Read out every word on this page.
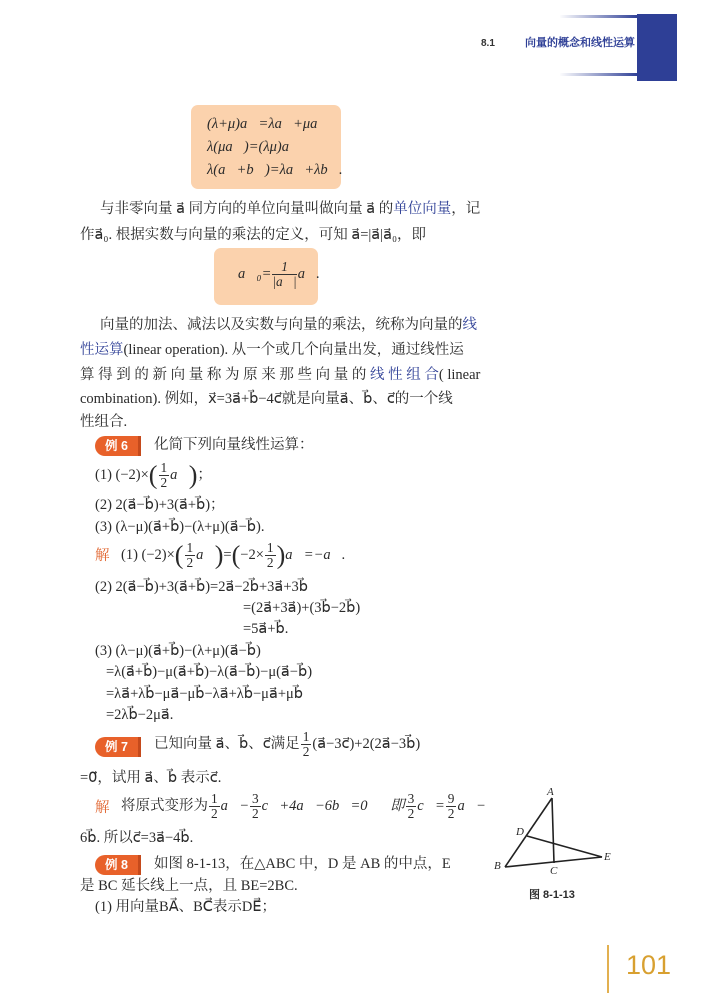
8.1	向量的概念和线性运算
(λ+μ)a⃗=λa⃗+μa⃗；
λ(μa⃗)=(λμ)a⃗；
λ(a⃗+b⃗)=λa⃗+λb⃗.
与非零向量 a⃗ 同方向的单位向量叫做向量 a⃗ 的单位向量，记
作a⃗₀. 根据实数与向量的乘法的定义，可知 a⃗=|a⃗|a⃗₀，即
a⃗₀= $\frac{1}{|a⃗|}$ a⃗.
向量的加法、减法以及实数与向量的乘法，统称为向量的线
性运算(linear operation). 从一个或几个向量出发，通过线性运
算 得 到 的 新 向 量 称 为 原 来 那 些 向 量 的 线 性 组 合( linear
combination). 例如，x⃗=3a⃗+b⃗−4c⃗就是向量a⃗、b⃗、c⃗的一个线
性组合.
例 6	化简下列向量线性运算：
(1) $(-2)\times( \frac{1}{2}$ a⃗)；
(2) 2(a⃗−b⃗)+3(a⃗+b⃗)；
(3) (λ−μ)(a⃗+b⃗)−(λ+μ)(a⃗−b⃗).
解 (1) $(-2)\times( \frac{1}{2}$ a⃗)=(−2× $\frac{1}{2}$ )a⃗=−a⃗.
(2) 2(a⃗−b⃗)+3(a⃗+b⃗)=2a⃗−2b⃗+3a⃗+3b⃗
=(2a⃗+3a⃗)+(3b⃗−2b⃗)
=5a⃗+b⃗.
(3) (λ−μ)(a⃗+b⃗)−(λ+μ)(a⃗−b⃗)
=λ(a⃗+b⃗)−μ(a⃗+b⃗)−λ(a⃗−b⃗)−μ(a⃗−b⃗)
=λa⃗+λb⃗−μa⃗−μb⃗−λa⃗+λb⃗−μa⃗+μb⃗
=2λb⃗−2μa⃗.
例 7	已知向量 a⃗、b⃗、c⃗满足 $\frac{1}{2}$ (a⃗−3c⃗)+2(2a⃗−3b⃗)
=0⃗，试用 a⃗、b⃗ 表示c⃗.
解 将原式变形为 $\frac{1}{2}$ a⃗− $\frac{3}{2}$ c⃗+4a⃗−6b⃗=0⃗，即 $\frac{3}{2}$ c⃗= $\frac{9}{2}$ a⃗−
6b⃗. 所以c⃗=3a⃗−4b⃗.
例 8	如图 8-1-13，在△ABC 中，D 是 AB 的中点，E
是 BC 延长线上一点，且 BE=2BC.
(1) 用向量BA⃗、BC⃗表示DE⃗；
A
D
B	C
E
图 8-1-13
101
